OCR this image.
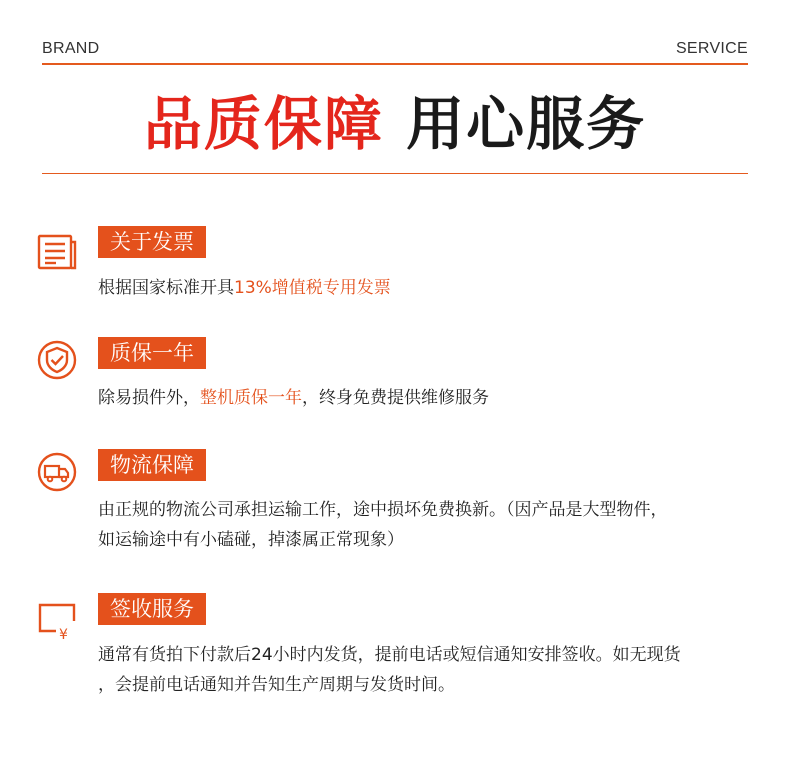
BRAND	SERVICE
品质保障 用心服务
关于发票
根据国家标准开具13%增值税专用发票
质保一年
除易损件外，整机质保一年，终身免费提供维修服务
物流保障
由正规的物流公司承担运输工作，途中损坏免费换新。（因产品是大型物件，
如运输途中有小磕碰，掉漆属正常现象）
¥
签收服务
通常有货拍下付款后24小时内发货，提前电话或短信通知安排签收。如无现货
，会提前电话通知并告知生产周期与发货时间。
